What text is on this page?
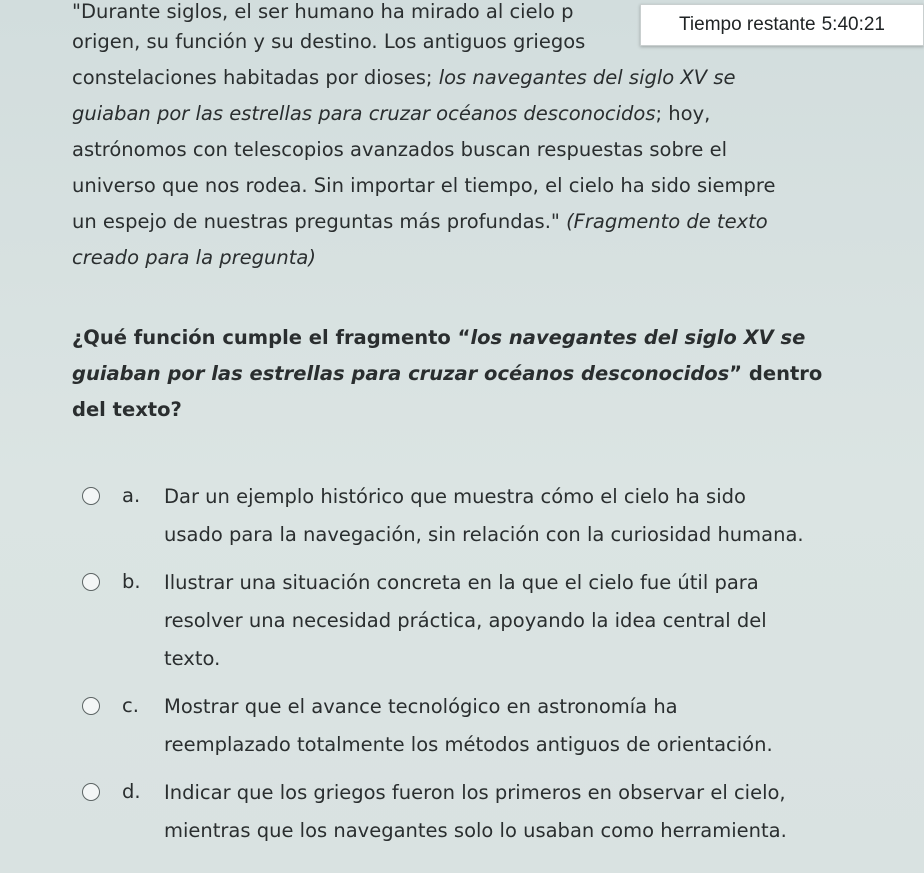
Tiempo restante 5:40:21

"Durante siglos, el ser humano ha mirado al cielo p
origen, su función y su destino. Los antiguos griegos
constelaciones habitadas por dioses; los navegantes del siglo XV se
guiaban por las estrellas para cruzar océanos desconocidos; hoy,
astrónomos con telescopios avanzados buscan respuestas sobre el
universo que nos rodea. Sin importar el tiempo, el cielo ha sido siempre
un espejo de nuestras preguntas más profundas." (Fragmento de texto
creado para la pregunta)

¿Qué función cumple el fragmento “los navegantes del siglo XV se
guiaban por las estrellas para cruzar océanos desconocidos” dentro
del texto?

a.	Dar un ejemplo histórico que muestra cómo el cielo ha sido
usado para la navegación, sin relación con la curiosidad humana.
b.	Ilustrar una situación concreta en la que el cielo fue útil para
resolver una necesidad práctica, apoyando la idea central del
texto.
c.	Mostrar que el avance tecnológico en astronomía ha
reemplazado totalmente los métodos antiguos de orientación.
d.	Indicar que los griegos fueron los primeros en observar el cielo,
mientras que los navegantes solo lo usaban como herramienta.
